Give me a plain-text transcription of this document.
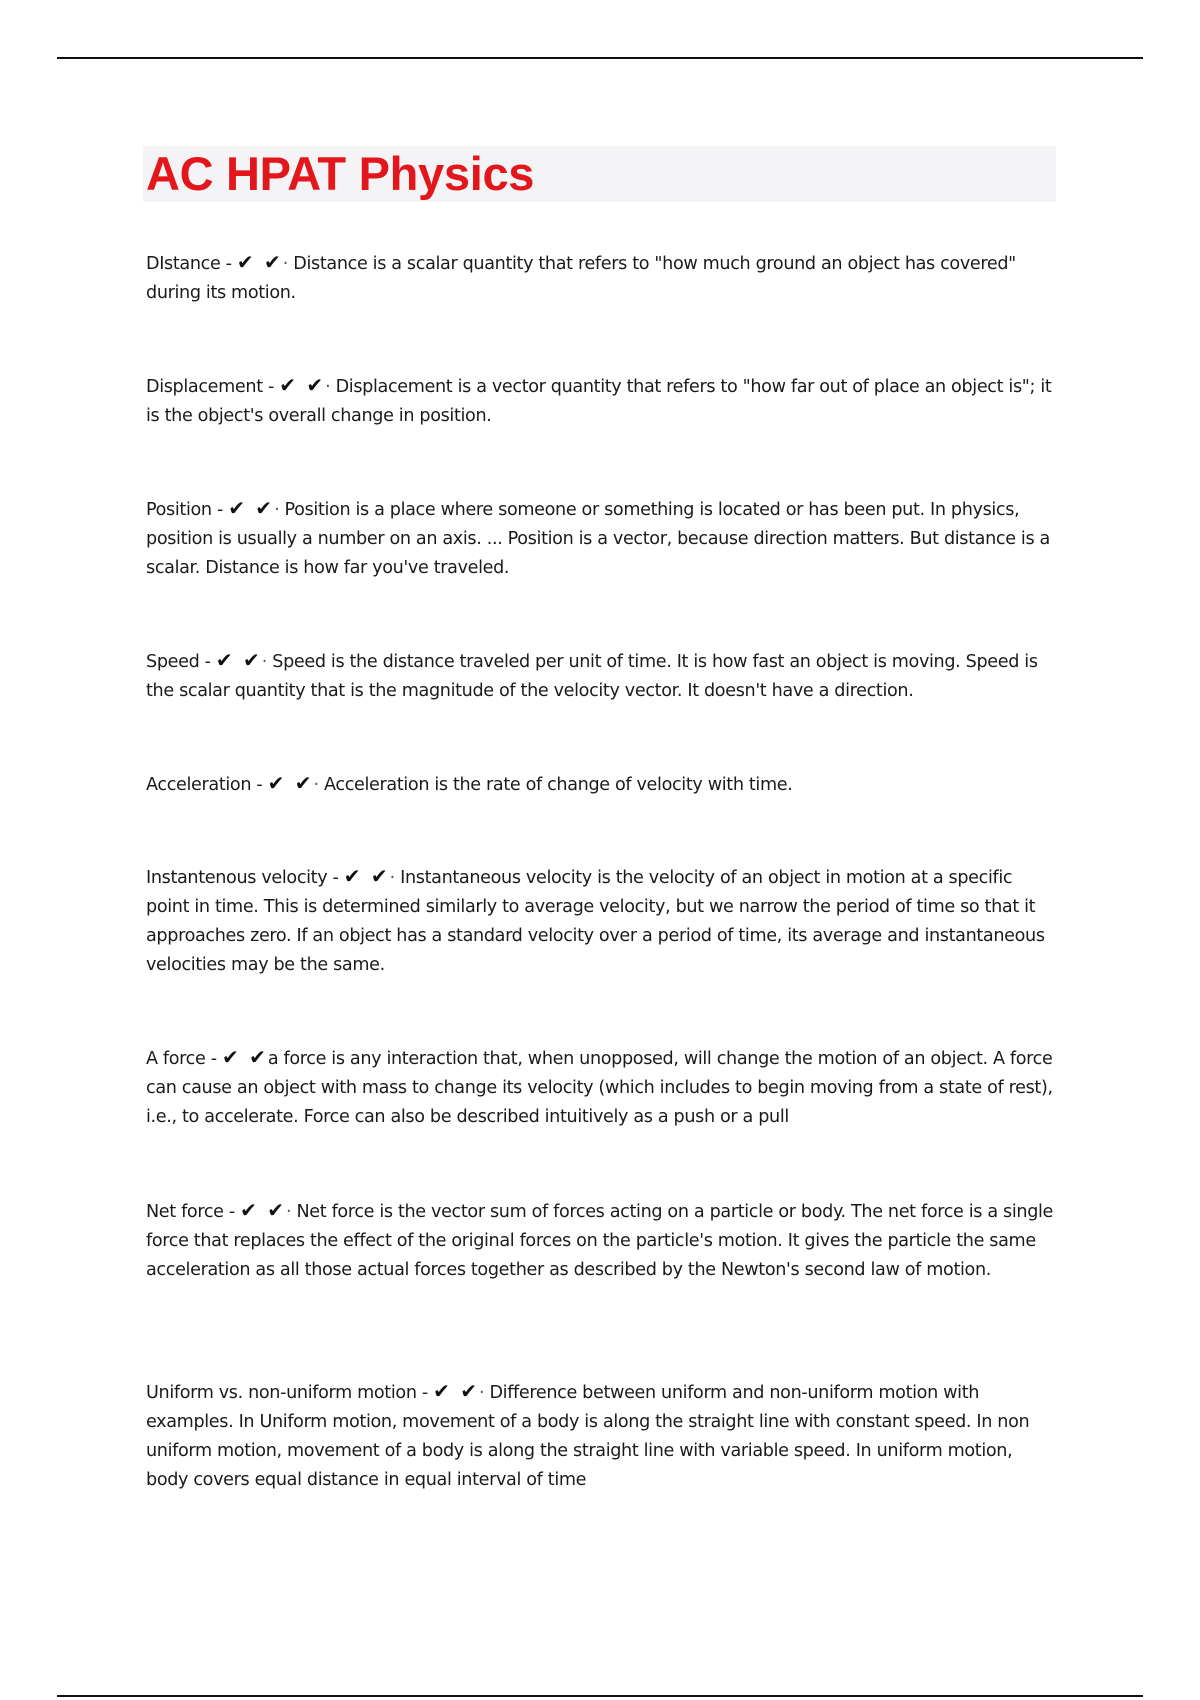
AC HPAT Physics

DIstance - ✔ ✔· Distance is a scalar quantity that refers to "how much ground an object has covered" during its motion.

Displacement - ✔ ✔· Displacement is a vector quantity that refers to "how far out of place an object is"; it is the object's overall change in position.

Position - ✔ ✔· Position is a place where someone or something is located or has been put. In physics, position is usually a number on an axis. ... Position is a vector, because direction matters. But distance is a scalar. Distance is how far you've traveled.

Speed - ✔ ✔· Speed is the distance traveled per unit of time. It is how fast an object is moving. Speed is the scalar quantity that is the magnitude of the velocity vector. It doesn't have a direction.

Acceleration - ✔ ✔· Acceleration is the rate of change of velocity with time.

Instantenous velocity - ✔ ✔· Instantaneous velocity is the velocity of an object in motion at a specific point in time. This is determined similarly to average velocity, but we narrow the period of time so that it approaches zero. If an object has a standard velocity over a period of time, its average and instantaneous velocities may be the same.

A force - ✔ ✔a force is any interaction that, when unopposed, will change the motion of an object. A force can cause an object with mass to change its velocity (which includes to begin moving from a state of rest), i.e., to accelerate. Force can also be described intuitively as a push or a pull

Net force - ✔ ✔· Net force is the vector sum of forces acting on a particle or body. The net force is a single force that replaces the effect of the original forces on the particle's motion. It gives the particle the same acceleration as all those actual forces together as described by the Newton's second law of motion.

Uniform vs. non-uniform motion - ✔ ✔· Difference between uniform and non-uniform motion with examples. In Uniform motion, movement of a body is along the straight line with constant speed. In non uniform motion, movement of a body is along the straight line with variable speed. In uniform motion, body covers equal distance in equal interval of time
